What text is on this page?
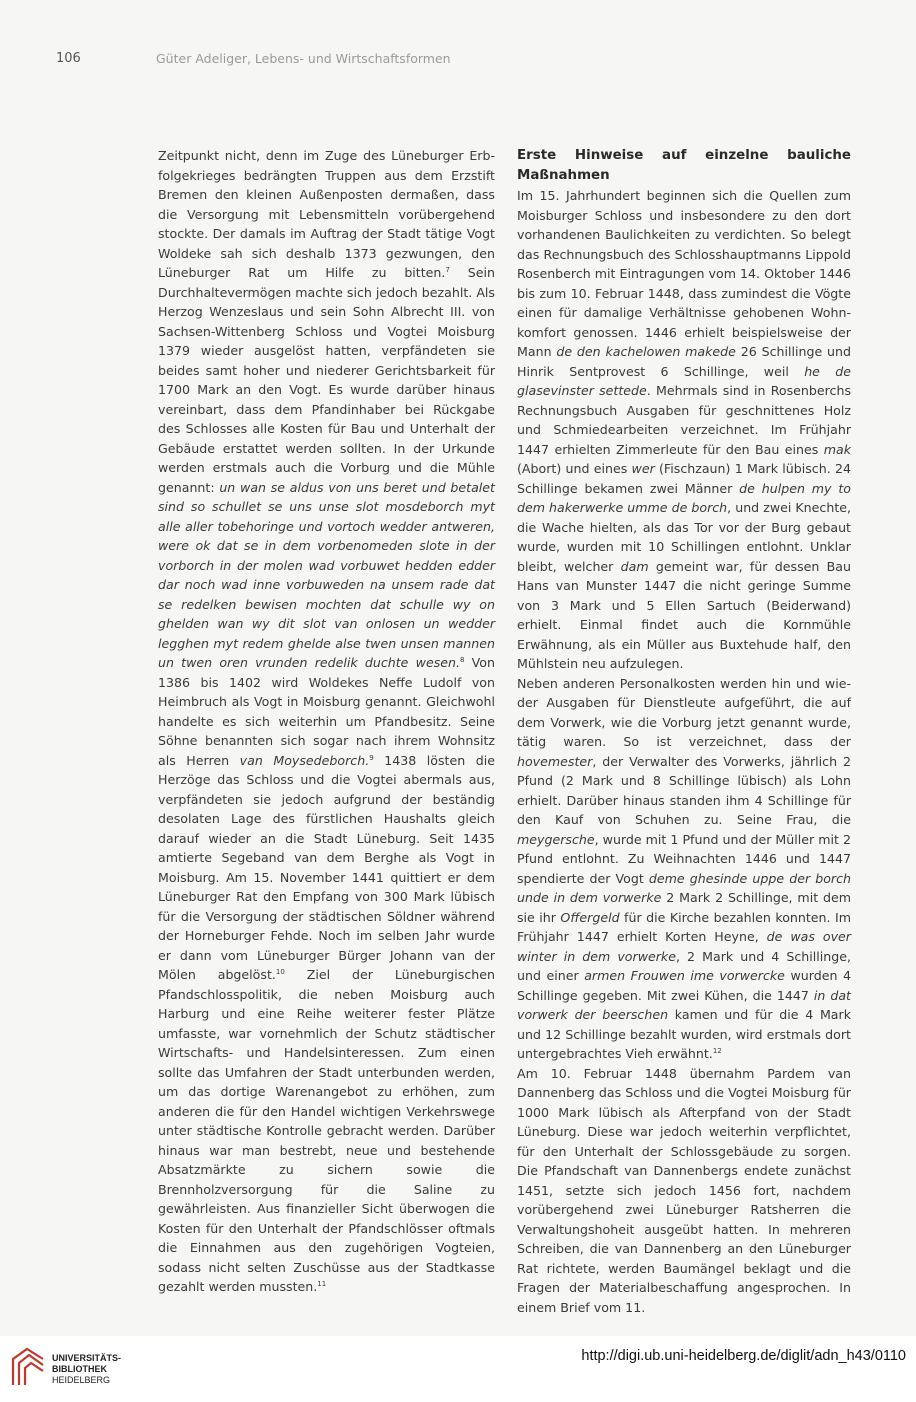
106	Güter Adeliger, Lebens- und Wirtschaftsformen

Zeitpunkt nicht, denn im Zuge des Lüneburger Erbfolgekrieges bedrängten Truppen aus dem Erzstift Bremen den kleinen Außenposten dermaßen, dass die Versorgung mit Lebensmitteln vorübergehend stockte. Der damals im Auftrag der Stadt tätige Vogt Woldeke sah sich deshalb 1373 gezwungen, den Lüneburger Rat um Hilfe zu bitten.$^7$ Sein Durchhaltevermögen machte sich jedoch bezahlt. Als Herzog Wenzeslaus und sein Sohn Albrecht III. von Sachsen-Wittenberg Schloss und Vogtei Moisburg 1379 wieder ausgelöst hatten, verpfändeten sie beides samt hoher und niederer Gerichtsbarkeit für 1700 Mark an den Vogt. Es wurde darüber hinaus vereinbart, dass dem Pfandinhaber bei Rückgabe des Schlosses alle Kosten für Bau und Unterhalt der Gebäude erstattet werden sollten. In der Urkunde werden erstmals auch die Vorburg und die Mühle genannt: un wan se aldus von uns beret und betalet sind so schullet se uns unse slot mosdeborch myt alle aller tobehoringe und vortoch wedder antweren, were ok dat se in dem vorbenomeden slote in der vorborch in der molen wad vorbuwet hedden edder dar noch wad inne vorbuweden na unsem rade dat se redelken bewisen mochten dat schulle wy on ghelden wan wy dit slot van onlosen un wedder legghen myt redem ghelde alse twen unsen mannen un twen oren vrunden redelik duchte wesen.$^8$ Von 1386 bis 1402 wird Woldekes Neffe Ludolf von Heimbruch als Vogt in Moisburg genannt. Gleichwohl handelte es sich weiterhin um Pfandbesitz. Seine Söhne benannten sich sogar nach ihrem Wohnsitz als Herren van Moysedeborch.$^9$ 1438 lösten die Herzöge das Schloss und die Vogtei abermals aus, verpfändeten sie jedoch aufgrund der beständig desolaten Lage des fürstlichen Haushalts gleich darauf wieder an die Stadt Lüneburg. Seit 1435 amtierte Segeband van dem Berghe als Vogt in Moisburg. Am 15. November 1441 quittiert er dem Lüneburger Rat den Empfang von 300 Mark lübisch für die Versorgung der städtischen Söldner während der Horneburger Fehde. Noch im selben Jahr wurde er dann vom Lüneburger Bürger Johann van der Mölen abgelöst.$^{10}$ Ziel der Lüneburgischen Pfandschlosspolitik, die neben Moisburg auch Harburg und eine Reihe weiterer fester Plätze umfasste, war vornehmlich der Schutz städtischer Wirtschafts- und Handelsinteressen. Zum einen sollte das Umfahren der Stadt unterbunden werden, um das dortige Warenangebot zu erhöhen, zum anderen die für den Handel wichtigen Verkehrswege unter städtische Kontrolle gebracht werden. Darüber hinaus war man bestrebt, neue und bestehende Absatzmärkte zu sichern sowie die Brennholzversorgung für die Saline zu gewährleisten. Aus finanzieller Sicht überwogen die Kosten für den Unterhalt der Pfandschlösser oftmals die Einnahmen aus den zugehörigen Vogteien, sodass nicht selten Zuschüsse aus der Stadtkasse gezahlt werden mussten.$^{11}$

Erste Hinweise auf einzelne bauliche Maßnahmen

Im 15. Jahrhundert beginnen sich die Quellen zum Moisburger Schloss und insbesondere zu den dort vorhandenen Baulichkeiten zu verdichten. So belegt das Rechnungsbuch des Schlosshauptmanns Lippold Rosenberch mit Eintragungen vom 14. Oktober 1446 bis zum 10. Februar 1448, dass zumindest die Vögte einen für damalige Verhältnisse gehobenen Wohnkomfort genossen. 1446 erhielt beispielsweise der Mann de den kachelowen makede 26 Schillinge und Hinrik Sentprovest 6 Schillinge, weil he de glasevinster settede. Mehrmals sind in Rosenberchs Rechnungsbuch Ausgaben für geschnittenes Holz und Schmiedearbeiten verzeichnet. Im Frühjahr 1447 erhielten Zimmerleute für den Bau eines mak (Abort) und eines wer (Fischzaun) 1 Mark lübisch. 24 Schillinge bekamen zwei Männer de hulpen my to dem hakerwerke umme de borch, und zwei Knechte, die Wache hielten, als das Tor vor der Burg gebaut wurde, wurden mit 10 Schillingen entlohnt. Unklar bleibt, welcher dam gemeint war, für dessen Bau Hans van Munster 1447 die nicht geringe Summe von 3 Mark und 5 Ellen Sartuch (Beiderwand) erhielt. Einmal findet auch die Kornmühle Erwähnung, als ein Müller aus Buxtehude half, den Mühlstein neu aufzulegen.

Neben anderen Personalkosten werden hin und wieder Ausgaben für Dienstleute aufgeführt, die auf dem Vorwerk, wie die Vorburg jetzt genannt wurde, tätig waren. So ist verzeichnet, dass der hovemester, der Verwalter des Vorwerks, jährlich 2 Pfund (2 Mark und 8 Schillinge lübisch) als Lohn erhielt. Darüber hinaus standen ihm 4 Schillinge für den Kauf von Schuhen zu. Seine Frau, die meygersche, wurde mit 1 Pfund und der Müller mit 2 Pfund entlohnt. Zu Weihnachten 1446 und 1447 spendierte der Vogt deme ghesinde uppe der borch unde in dem vorwerke 2 Mark 2 Schillinge, mit dem sie ihr Offergeld für die Kirche bezahlen konnten. Im Frühjahr 1447 erhielt Korten Heyne, de was over winter in dem vorwerke, 2 Mark und 4 Schillinge, und einer armen Frouwen ime vorwercke wurden 4 Schillinge gegeben. Mit zwei Kühen, die 1447 in dat vorwerk der beerschen kamen und für die 4 Mark und 12 Schillinge bezahlt wurden, wird erstmals dort untergebrachtes Vieh erwähnt.$^{12}$

Am 10. Februar 1448 übernahm Pardem van Dannenberg das Schloss und die Vogtei Moisburg für 1000 Mark lübisch als Afterpfand von der Stadt Lüneburg. Diese war jedoch weiterhin verpflichtet, für den Unterhalt der Schlossgebäude zu sorgen. Die Pfandschaft van Dannenbergs endete zunächst 1451, setzte sich jedoch 1456 fort, nachdem vorübergehend zwei Lüneburger Ratsherren die Verwaltungshoheit ausgeübt hatten. In mehreren Schreiben, die van Dannenberg an den Lüneburger Rat richtete, werden Baumängel beklagt und die Fragen der Materialbeschaffung angesprochen. In einem Brief vom 11.

UNIVERSITÄTS-
BIBLIOTHEK
HEIDELBERG
http://digi.ub.uni-heidelberg.de/diglit/adn_h43/0110
